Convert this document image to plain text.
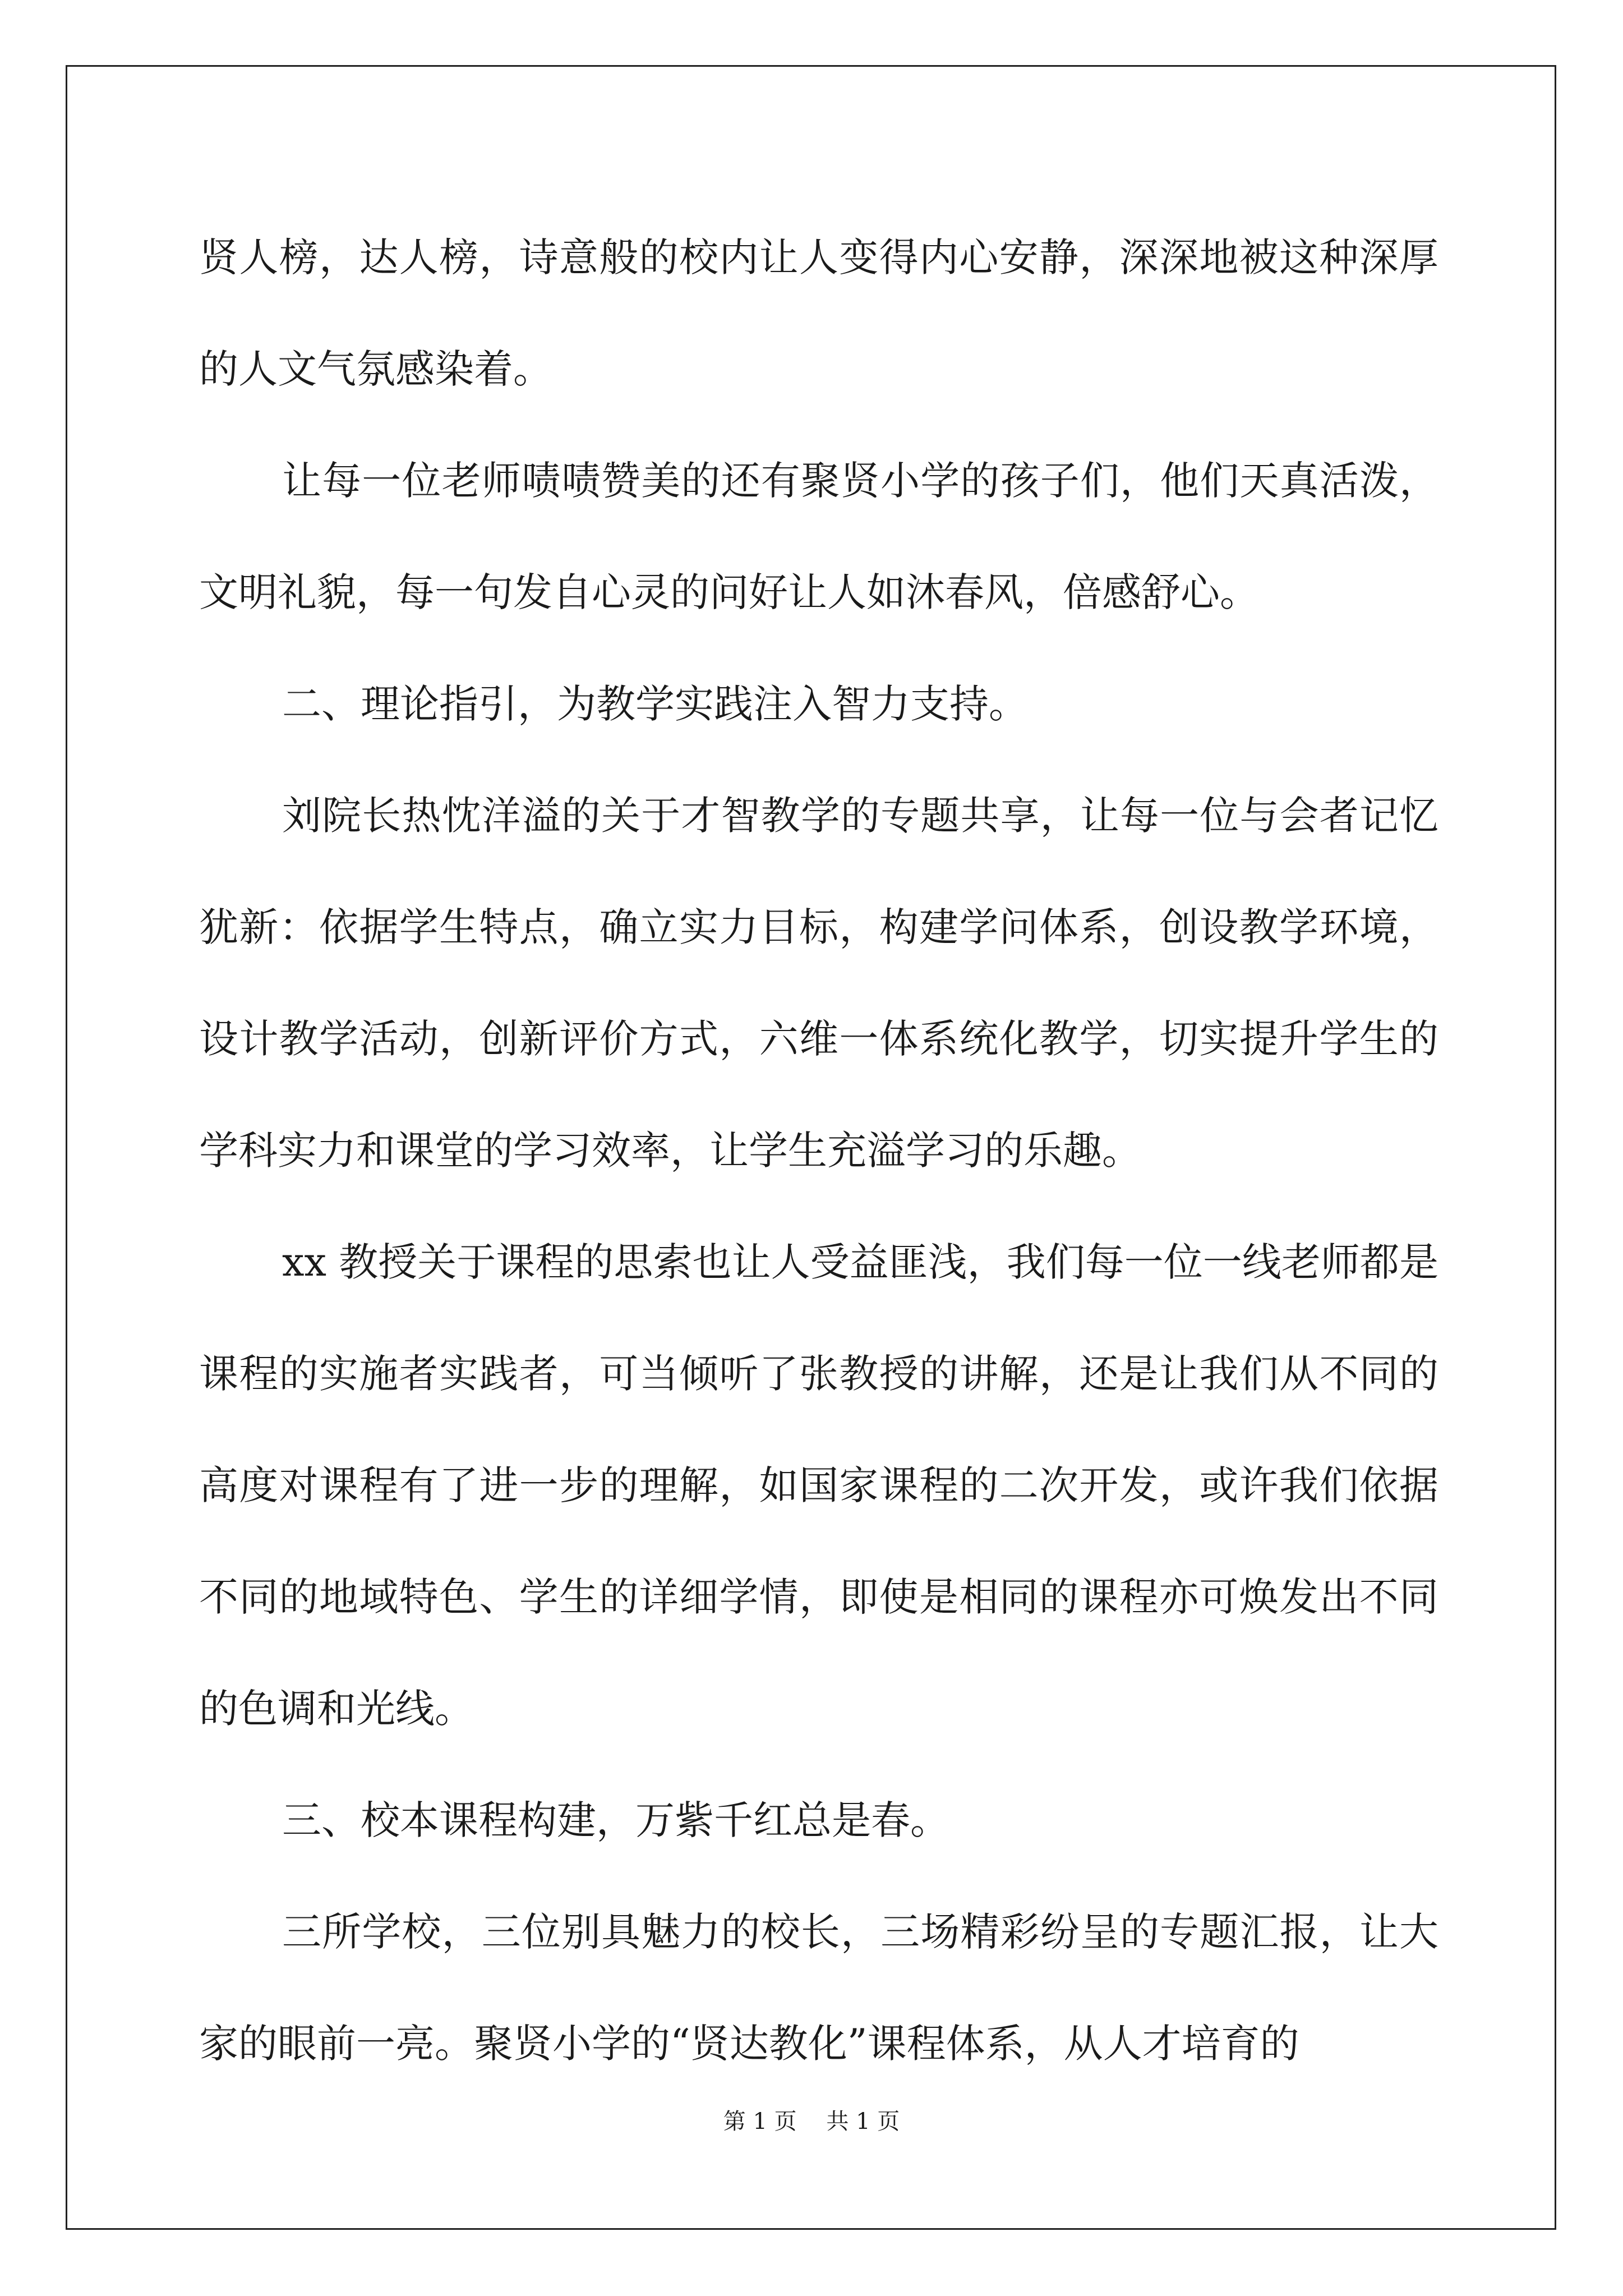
贤人榜，达人榜，诗意般的校内让人变得内心安静，深深地被这种深厚的人文气氛感染着。

让每一位老师啧啧赞美的还有聚贤小学的孩子们，他们天真活泼，文明礼貌，每一句发自心灵的问好让人如沐春风，倍感舒心。

二、理论指引，为教学实践注入智力支持。

刘院长热忱洋溢的关于才智教学的专题共享，让每一位与会者记忆犹新：依据学生特点，确立实力目标，构建学问体系，创设教学环境，设计教学活动，创新评价方式，六维一体系统化教学，切实提升学生的学科实力和课堂的学习效率，让学生充溢学习的乐趣。

xx 教授关于课程的思索也让人受益匪浅，我们每一位一线老师都是课程的实施者实践者，可当倾听了张教授的讲解，还是让我们从不同的高度对课程有了进一步的理解，如国家课程的二次开发，或许我们依据不同的地域特色、学生的详细学情，即使是相同的课程亦可焕发出不同的色调和光线。

三、校本课程构建，万紫千红总是春。

三所学校，三位别具魅力的校长，三场精彩纷呈的专题汇报，让大家的眼前一亮。聚贤小学的“贤达教化”课程体系，从人才培育的

第 1 页 共 1 页
